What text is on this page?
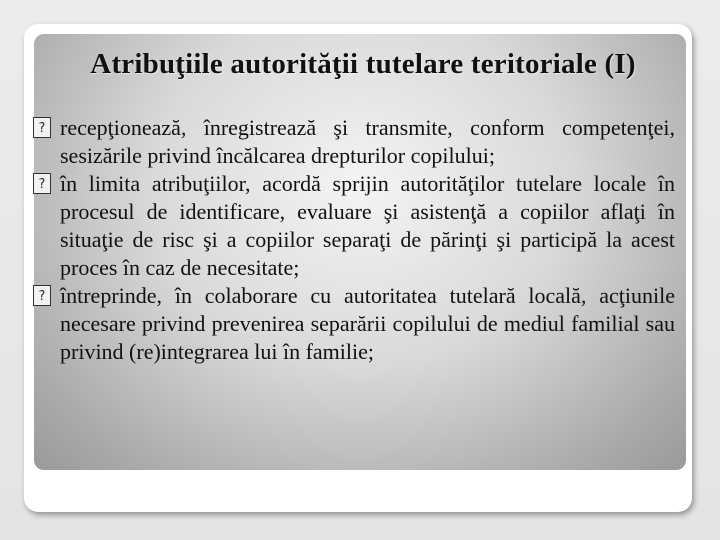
Atribuţiile autorităţii tutelare teritoriale (I)
? recepţionează, înregistrează şi transmite, conform competenţei, sesizările privind încălcarea drepturilor copilului;
? în limita atribuţiilor, acordă sprijin autorităţilor tutelare locale în procesul de identificare, evaluare şi asistenţă a copiilor aflaţi în situaţie de risc şi a copiilor separaţi de părinţi şi participă la acest proces în caz de necesitate;
? întreprinde, în colaborare cu autoritatea tutelară locală, acţiunile necesare privind prevenirea separării copilului de mediul familial sau privind (re)integrarea lui în familie;
